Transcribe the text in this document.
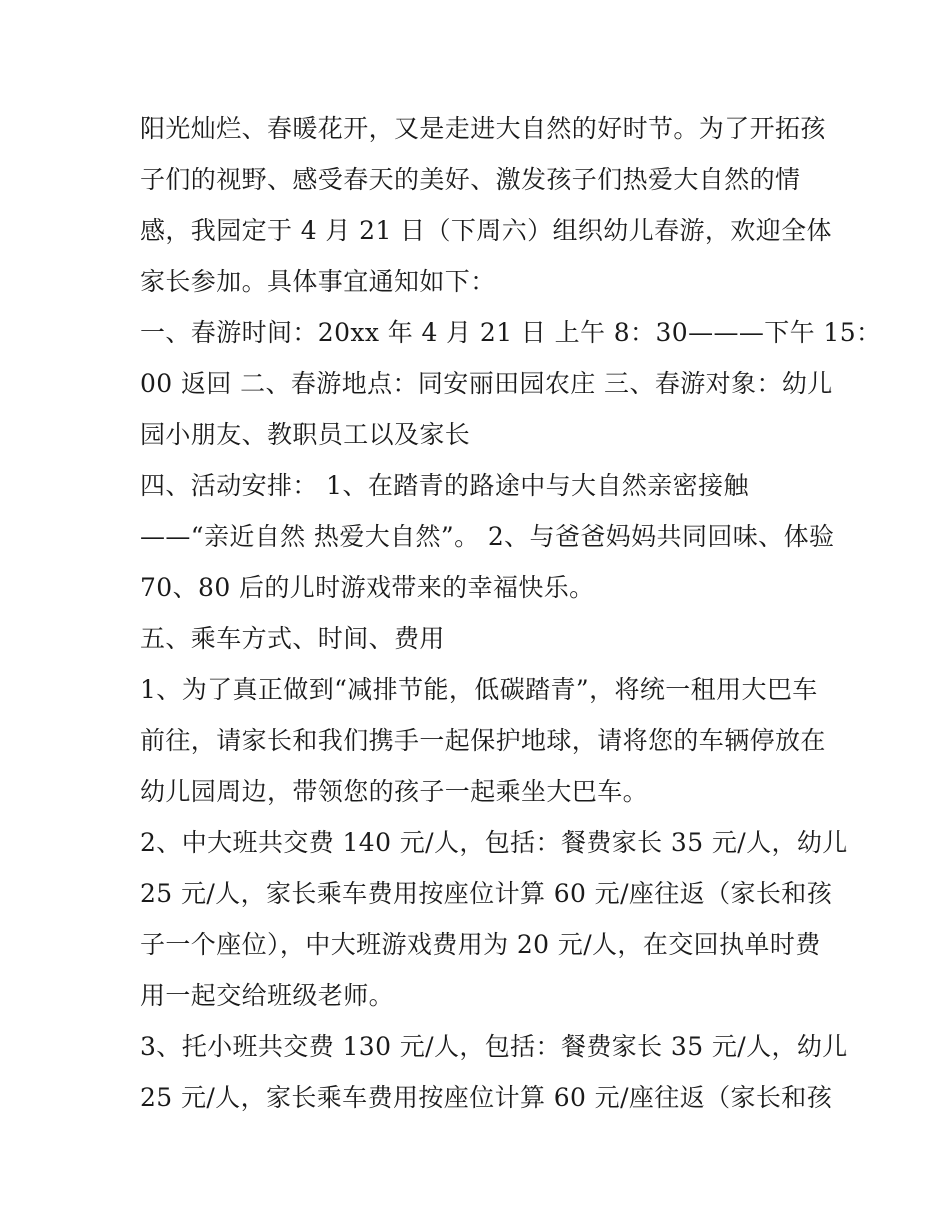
阳光灿烂、春暖花开，又是走进大自然的好时节。为了开拓孩
子们的视野、感受春天的美好、激发孩子们热爱大自然的情
感，我园定于 4 月 21 日（下周六）组织幼儿春游，欢迎全体
家长参加。具体事宜通知如下：
一、春游时间：20xx 年 4 月 21 日 上午 8：30———下午 15：
00 返回 二、春游地点：同安丽田园农庄 三、春游对象：幼儿
园小朋友、教职员工以及家长
四、活动安排： 1、在踏青的路途中与大自然亲密接触
——“亲近自然 热爱大自然”。 2、与爸爸妈妈共同回味、体验
70、80 后的儿时游戏带来的幸福快乐。
五、乘车方式、时间、费用
1、为了真正做到“减排节能，低碳踏青”，将统一租用大巴车
前往，请家长和我们携手一起保护地球，请将您的车辆停放在
幼儿园周边，带领您的孩子一起乘坐大巴车。
2、中大班共交费 140 元/人，包括：餐费家长 35 元/人，幼儿
25 元/人，家长乘车费用按座位计算 60 元/座往返（家长和孩
子一个座位），中大班游戏费用为 20 元/人，在交回执单时费
用一起交给班级老师。
3、托小班共交费 130 元/人，包括：餐费家长 35 元/人，幼儿
25 元/人，家长乘车费用按座位计算 60 元/座往返（家长和孩
